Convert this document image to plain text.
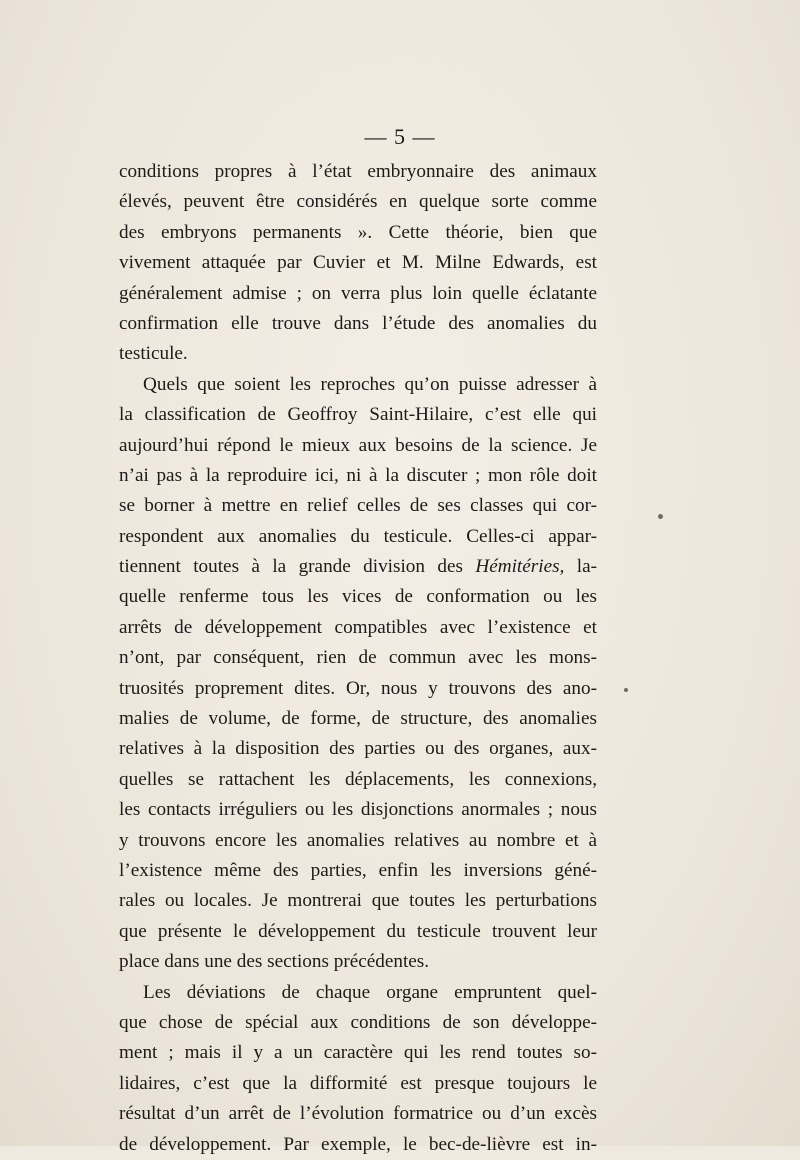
— 5 —
conditions propres à l’état embryonnaire des animaux
élevés, peuvent être considérés en quelque sorte comme
des embryons permanents ». Cette théorie, bien que
vivement attaquée par Cuvier et M. Milne Edwards, est
généralement admise ; on verra plus loin quelle éclatante
confirmation elle trouve dans l’étude des anomalies du
testicule.
Quels que soient les reproches qu’on puisse adresser à
la classification de Geoffroy Saint-Hilaire, c’est elle qui
aujourd’hui répond le mieux aux besoins de la science. Je
n’ai pas à la reproduire ici, ni à la discuter ; mon rôle doit
se borner à mettre en relief celles de ses classes qui cor-
respondent aux anomalies du testicule. Celles-ci appar-
tiennent toutes à la grande division des Hémitéries, la-
quelle renferme tous les vices de conformation ou les
arrêts de développement compatibles avec l’existence et
n’ont, par conséquent, rien de commun avec les mons-
truosités proprement dites. Or, nous y trouvons des ano-
malies de volume, de forme, de structure, des anomalies
relatives à la disposition des parties ou des organes, aux-
quelles se rattachent les déplacements, les connexions,
les contacts irréguliers ou les disjonctions anormales ; nous
y trouvons encore les anomalies relatives au nombre et à
l’existence même des parties, enfin les inversions géné-
rales ou locales. Je montrerai que toutes les perturbations
que présente le développement du testicule trouvent leur
place dans une des sections précédentes.
Les déviations de chaque organe empruntent quel-
que chose de spécial aux conditions de son développe-
ment ; mais il y a un caractère qui les rend toutes so-
lidaires, c’est que la difformité est presque toujours le
résultat d’un arrêt de l’évolution formatrice ou d’un excès
de développement. Par exemple, le bec-de-lièvre est in-
